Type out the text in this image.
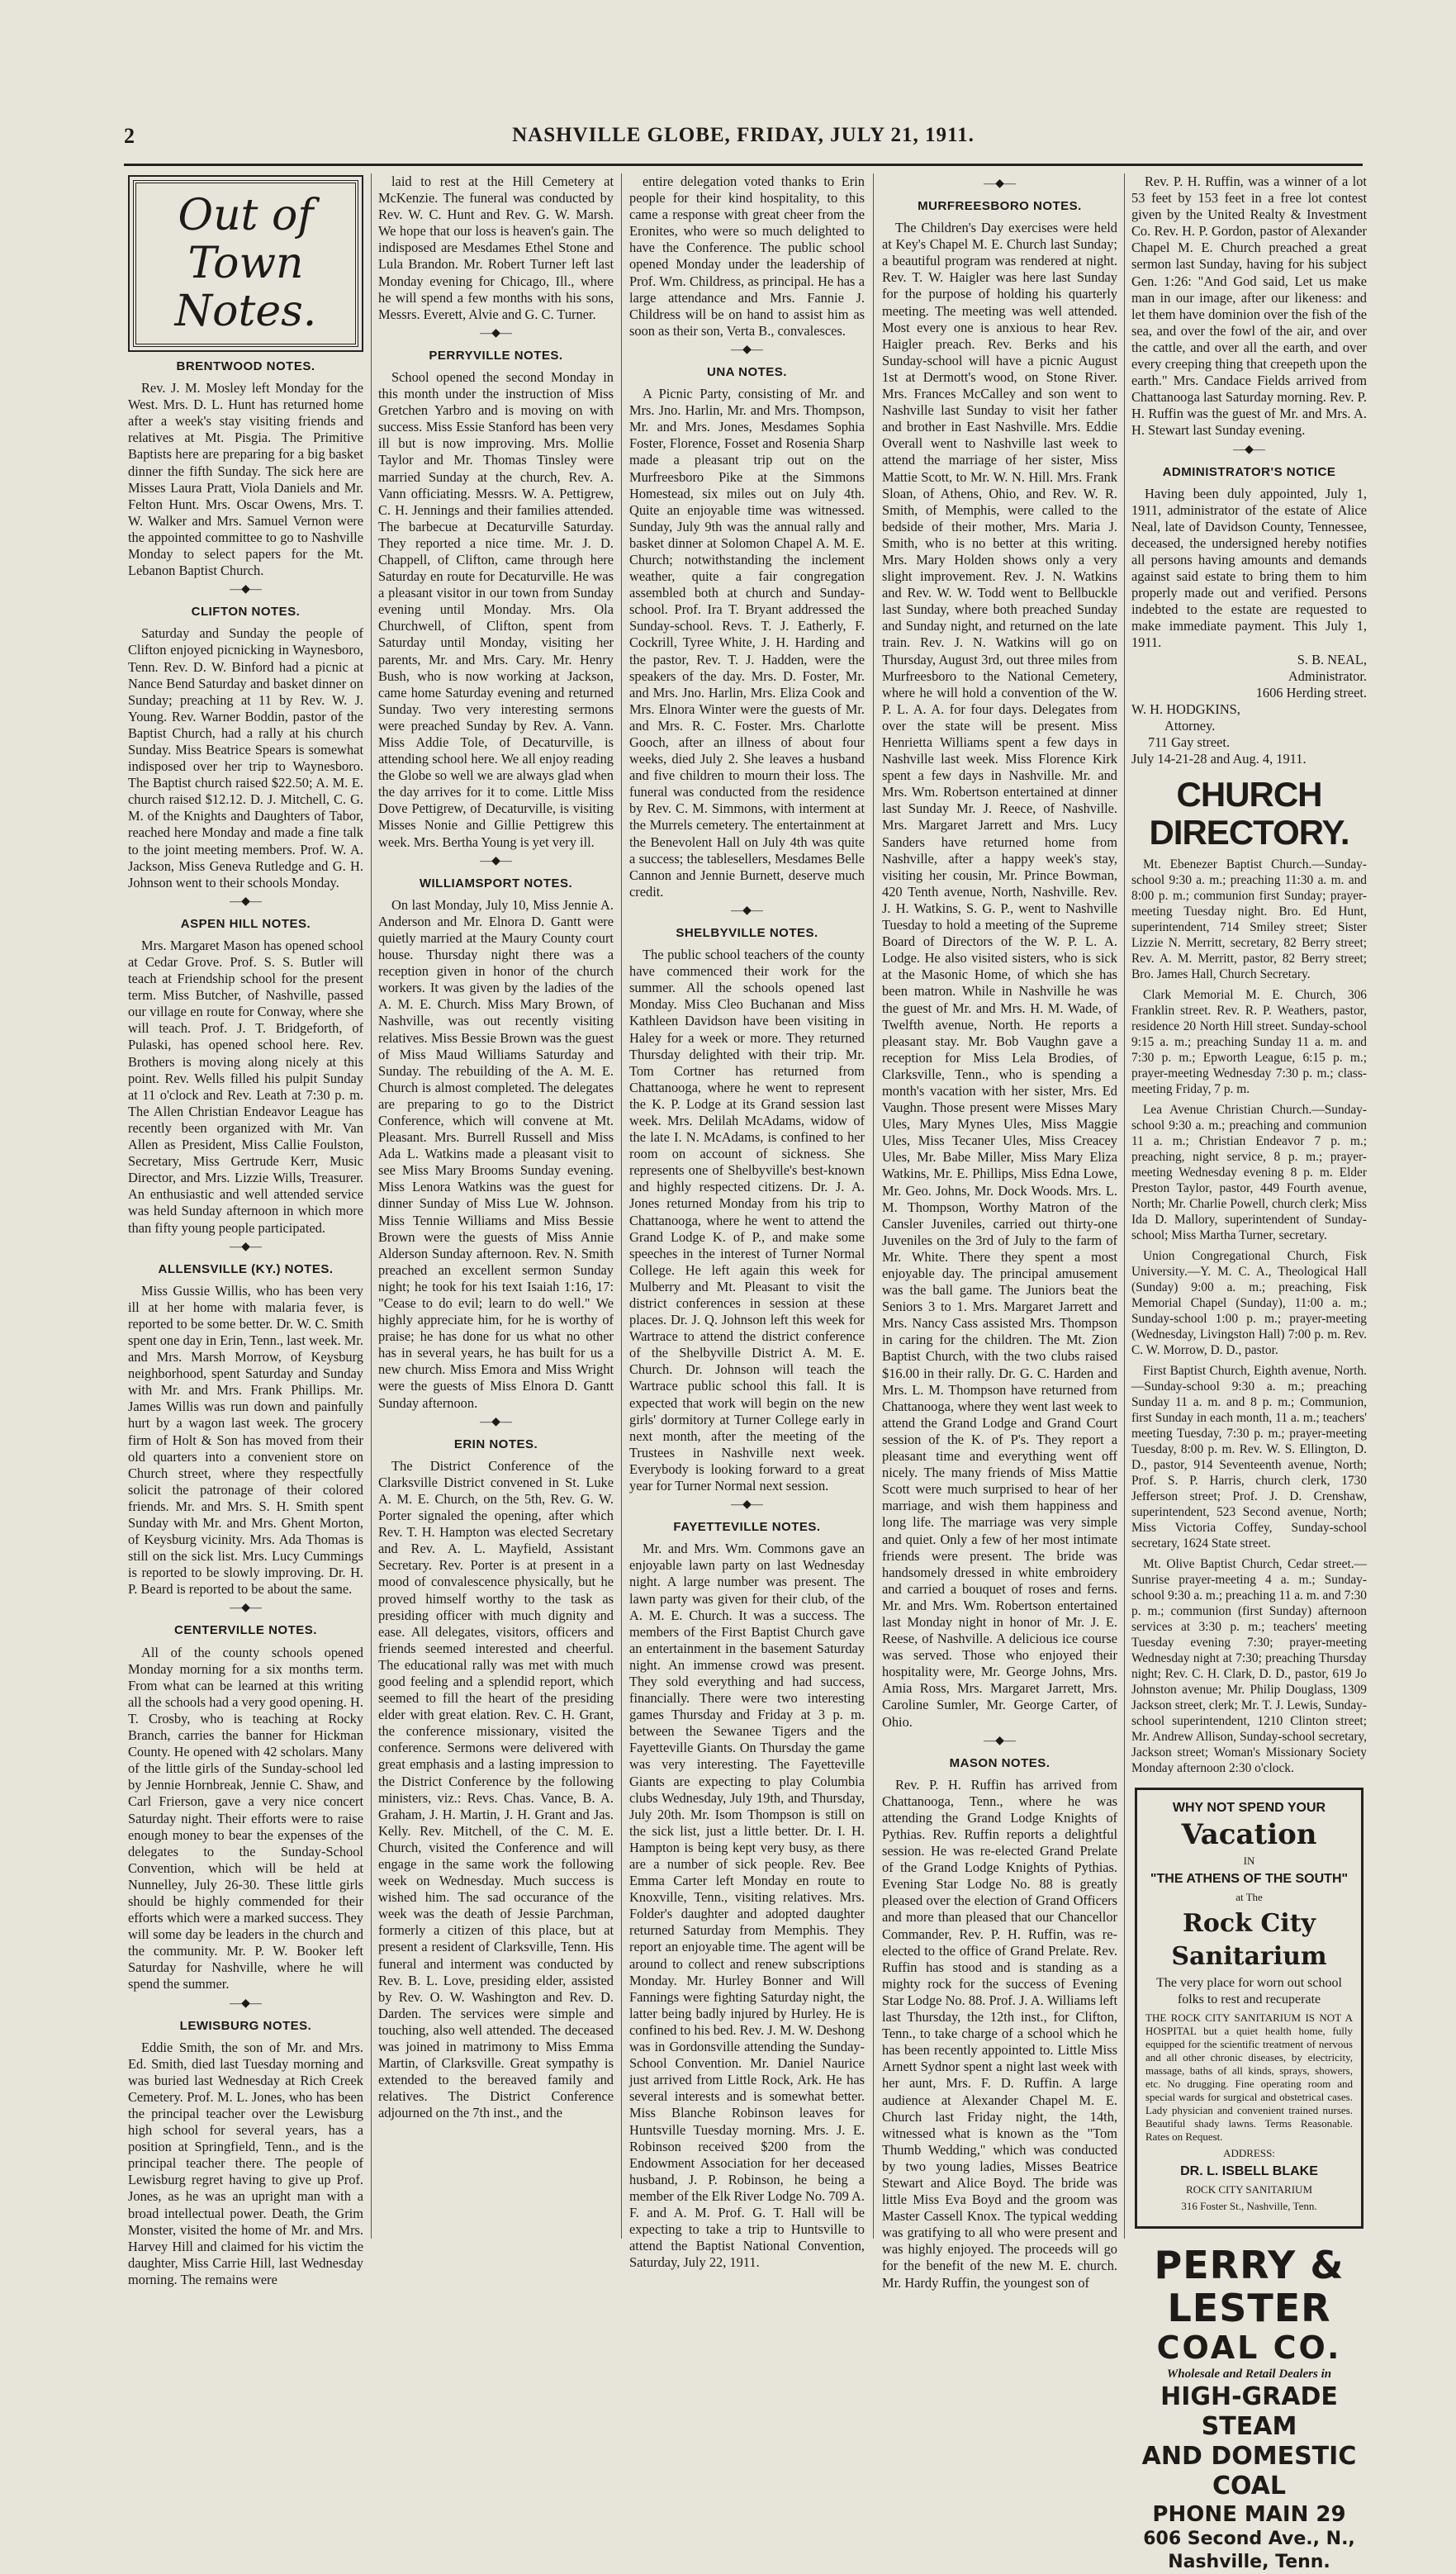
2	NASHVILLE GLOBE, FRIDAY, JULY 21, 1911.
Out of Town Notes.
BRENTWOOD NOTES.

Rev. J. M. Mosley left Monday for the West. Mrs. D. L. Hunt has returned home after a week's stay visiting friends and relatives at Mt. Pisgia. The Primitive Baptists here are preparing for a big basket dinner the fifth Sunday. The sick here are Misses Laura Pratt, Viola Daniels and Mr. Felton Hunt. Mrs. Oscar Owens, Mrs. T. W. Walker and Mrs. Samuel Vernon were the appointed committee to go to Nashville Monday to select papers for the Mt. Lebanon Baptist Church.

—◆—
CLIFTON NOTES.

Saturday and Sunday the people of Clifton enjoyed picnicking in Waynesboro, Tenn. Rev. D. W. Binford had a picnic at Nance Bend Saturday and basket dinner on Sunday; preaching at 11 by Rev. W. J. Young. Rev. Warner Boddin, pastor of the Baptist Church, had a rally at his church Sunday. Miss Beatrice Spears is somewhat indisposed over her trip to Waynesboro. The Baptist church raised $22.50; A. M. E. church raised $12.12. D. J. Mitchell, C. G. M. of the Knights and Daughters of Tabor, reached here Monday and made a fine talk to the joint meeting members. Prof. W. A. Jackson, Miss Geneva Rutledge and G. H. Johnson went to their schools Monday.

—◆—
ASPEN HILL NOTES.

Mrs. Margaret Mason has opened school at Cedar Grove. Prof. S. S. Butler will teach at Friendship school for the present term. Miss Butcher, of Nashville, passed our village en route for Conway, where she will teach. Prof. J. T. Bridgeforth, of Pulaski, has opened school here. Rev. Brothers is moving along nicely at this point. Rev. Wells filled his pulpit Sunday at 11 o'clock and Rev. Leath at 7:30 p. m. The Allen Christian Endeavor League has recently been organized with Mr. Van Allen as President, Miss Callie Foulston, Secretary, Miss Gertrude Kerr, Music Director, and Mrs. Lizzie Wills, Treasurer. An enthusiastic and well attended service was held Sunday afternoon in which more than fifty young people participated.

—◆—
ALLENSVILLE (KY.) NOTES.

Miss Gussie Willis, who has been very ill at her home with malaria fever, is reported to be some better. Dr. W. C. Smith spent one day in Erin, Tenn., last week. Mr. and Mrs. Marsh Morrow, of Keysburg neighborhood, spent Saturday and Sunday with Mr. and Mrs. Frank Phillips. Mr. James Willis was run down and painfully hurt by a wagon last week. The grocery firm of Holt & Son has moved from their old quarters into a convenient store on Church street, where they respectfully solicit the patronage of their colored friends. Mr. and Mrs. S. H. Smith spent Sunday with Mr. and Mrs. Ghent Morton, of Keysburg vicinity. Mrs. Ada Thomas is still on the sick list. Mrs. Lucy Cummings is reported to be slowly improving. Dr. H. P. Beard is reported to be about the same.

—◆—
CENTERVILLE NOTES.

All of the county schools opened Monday morning for a six months term. From what can be learned at this writing all the schools had a very good opening. H. T. Crosby, who is teaching at Rocky Branch, carries the banner for Hickman County. He opened with 42 scholars. Many of the little girls of the Sunday-school led by Jennie Hornbreak, Jennie C. Shaw, and Carl Frierson, gave a very nice concert Saturday night. Their efforts were to raise enough money to bear the expenses of the delegates to the Sunday-School Convention, which will be held at Nunnelley, July 26-30. These little girls should be highly commended for their efforts which were a marked success. They will some day be leaders in the church and the community. Mr. P. W. Booker left Saturday for Nashville, where he will spend the summer.

—◆—
LEWISBURG NOTES.

Eddie Smith, the son of Mr. and Mrs. Ed. Smith, died last Tuesday morning and was buried last Wednesday at Rich Creek Cemetery. Prof. M. L. Jones, who has been the principal teacher over the Lewisburg high school for several years, has a position at Springfield, Tenn., and is the principal teacher there. The people of Lewisburg regret having to give up Prof. Jones, as he was an upright man with a broad intellectual power. Death, the Grim Monster, visited the home of Mr. and Mrs. Harvey Hill and claimed for his victim the daughter, Miss Carrie Hill, last Wednesday morning. The remains were

laid to rest at the Hill Cemetery at McKenzie. The funeral was conducted by Rev. W. C. Hunt and Rev. G. W. Marsh. We hope that our loss is heaven's gain. The indisposed are Mesdames Ethel Stone and Lula Brandon. Mr. Robert Turner left last Monday evening for Chicago, Ill., where he will spend a few months with his sons, Messrs. Everett, Alvie and G. C. Turner.

—◆—
PERRYVILLE NOTES.

School opened the second Monday in this month under the instruction of Miss Gretchen Yarbro and is moving on with success. Miss Essie Stanford has been very ill but is now improving. Mrs. Mollie Taylor and Mr. Thomas Tinsley were married Sunday at the church, Rev. A. Vann officiating. Messrs. W. A. Pettigrew, C. H. Jennings and their families attended. The barbecue at Decaturville Saturday. They reported a nice time. Mr. J. D. Chappell, of Clifton, came through here Saturday en route for Decaturville. He was a pleasant visitor in our town from Sunday evening until Monday. Mrs. Ola Churchwell, of Clifton, spent from Saturday until Monday, visiting her parents, Mr. and Mrs. Cary. Mr. Henry Bush, who is now working at Jackson, came home Saturday evening and returned Sunday. Two very interesting sermons were preached Sunday by Rev. A. Vann. Miss Addie Tole, of Decaturville, is attending school here. We all enjoy reading the Globe so well we are always glad when the day arrives for it to come. Little Miss Dove Pettigrew, of Decaturville, is visiting Misses Nonie and Gillie Pettigrew this week. Mrs. Bertha Young is yet very ill.

—◆—
WILLIAMSPORT NOTES.

On last Monday, July 10, Miss Jennie A. Anderson and Mr. Elnora D. Gantt were quietly married at the Maury County court house. Thursday night there was a reception given in honor of the church workers. It was given by the ladies of the A. M. E. Church. Miss Mary Brown, of Nashville, was out recently visiting relatives. Miss Bessie Brown was the guest of Miss Maud Williams Saturday and Sunday. The rebuilding of the A. M. E. Church is almost completed. The delegates are preparing to go to the District Conference, which will convene at Mt. Pleasant. Mrs. Burrell Russell and Miss Ada L. Watkins made a pleasant visit to see Miss Mary Brooms Sunday evening. Miss Lenora Watkins was the guest for dinner Sunday of Miss Lue W. Johnson. Miss Tennie Williams and Miss Bessie Brown were the guests of Miss Annie Alderson Sunday afternoon. Rev. N. Smith preached an excellent sermon Sunday night; he took for his text Isaiah 1:16, 17: "Cease to do evil; learn to do well." We highly appreciate him, for he is worthy of praise; he has done for us what no other has in several years, he has built for us a new church. Miss Emora and Miss Wright were the guests of Miss Elnora D. Gantt Sunday afternoon.

—◆—
ERIN NOTES.

The District Conference of the Clarksville District convened in St. Luke A. M. E. Church, on the 5th, Rev. G. W. Porter signaled the opening, after which Rev. T. H. Hampton was elected Secretary and Rev. A. L. Mayfield, Assistant Secretary. Rev. Porter is at present in a mood of convalescence physically, but he proved himself worthy to the task as presiding officer with much dignity and ease. All delegates, visitors, officers and friends seemed interested and cheerful. The educational rally was met with much good feeling and a splendid report, which seemed to fill the heart of the presiding elder with great elation. Rev. C. H. Grant, the conference missionary, visited the conference. Sermons were delivered with great emphasis and a lasting impression to the District Conference by the following ministers, viz.: Revs. Chas. Vance, B. A. Graham, J. H. Martin, J. H. Grant and Jas. Kelly. Rev. Mitchell, of the C. M. E. Church, visited the Conference and will engage in the same work the following week on Wednesday. Much success is wished him. The sad occurance of the week was the death of Jessie Parchman, formerly a citizen of this place, but at present a resident of Clarksville, Tenn. His funeral and interment was conducted by Rev. B. L. Love, presiding elder, assisted by Rev. O. W. Washington and Rev. D. Darden. The services were simple and touching, also well attended. The deceased was joined in matrimony to Miss Emma Martin, of Clarksville. Great sympathy is extended to the bereaved family and relatives. The District Conference adjourned on the 7th inst., and the

entire delegation voted thanks to Erin people for their kind hospitality, to this came a response with great cheer from the Eronites, who were so much delighted to have the Conference. The public school opened Monday under the leadership of Prof. Wm. Childress, as principal. He has a large attendance and Mrs. Fannie J. Childress will be on hand to assist him as soon as their son, Verta B., convalesces.

—◆—
UNA NOTES.

A Picnic Party, consisting of Mr. and Mrs. Jno. Harlin, Mr. and Mrs. Thompson, Mr. and Mrs. Jones, Mesdames Sophia Foster, Florence, Fosset and Rosenia Sharp made a pleasant trip out on the Murfreesboro Pike at the Simmons Homestead, six miles out on July 4th. Quite an enjoyable time was witnessed. Sunday, July 9th was the annual rally and basket dinner at Solomon Chapel A. M. E. Church; notwithstanding the inclement weather, quite a fair congregation assembled both at church and Sunday-school. Prof. Ira T. Bryant addressed the Sunday-school. Revs. T. J. Eatherly, F. Cockrill, Tyree White, J. H. Harding and the pastor, Rev. T. J. Hadden, were the speakers of the day. Mrs. D. Foster, Mr. and Mrs. Jno. Harlin, Mrs. Eliza Cook and Mrs. Elnora Winter were the guests of Mr. and Mrs. R. C. Foster. Mrs. Charlotte Gooch, after an illness of about four weeks, died July 2. She leaves a husband and five children to mourn their loss. The funeral was conducted from the residence by Rev. C. M. Simmons, with interment at the Murrels cemetery. The entertainment at the Benevolent Hall on July 4th was quite a success; the tablesellers, Mesdames Belle Cannon and Jennie Burnett, deserve much credit.

—◆—
SHELBYVILLE NOTES.

The public school teachers of the county have commenced their work for the summer. All the schools opened last Monday. Miss Cleo Buchanan and Miss Kathleen Davidson have been visiting in Haley for a week or more. They returned Thursday delighted with their trip. Mr. Tom Cortner has returned from Chattanooga, where he went to represent the K. P. Lodge at its Grand session last week. Mrs. Delilah McAdams, widow of the late I. N. McAdams, is confined to her room on account of sickness. She represents one of Shelbyville's best-known and highly respected citizens. Dr. J. A. Jones returned Monday from his trip to Chattanooga, where he went to attend the Grand Lodge K. of P., and make some speeches in the interest of Turner Normal College. He left again this week for Mulberry and Mt. Pleasant to visit the district conferences in session at these places. Dr. J. Q. Johnson left this week for Wartrace to attend the district conference of the Shelbyville District A. M. E. Church. Dr. Johnson will teach the Wartrace public school this fall. It is expected that work will begin on the new girls' dormitory at Turner College early in next month, after the meeting of the Trustees in Nashville next week. Everybody is looking forward to a great year for Turner Normal next session.

—◆—
FAYETTEVILLE NOTES.

Mr. and Mrs. Wm. Commons gave an enjoyable lawn party on last Wednesday night. A large number was present. The lawn party was given for their club, of the A. M. E. Church. It was a success. The members of the First Baptist Church gave an entertainment in the basement Saturday night. An immense crowd was present. They sold everything and had success, financially. There were two interesting games Thursday and Friday at 3 p. m. between the Sewanee Tigers and the Fayetteville Giants. On Thursday the game was very interesting. The Fayetteville Giants are expecting to play Columbia clubs Wednesday, July 19th, and Thursday, July 20th. Mr. Isom Thompson is still on the sick list, just a little better. Dr. I. H. Hampton is being kept very busy, as there are a number of sick people. Rev. Bee Emma Carter left Monday en route to Knoxville, Tenn., visiting relatives. Mrs. Folder's daughter and adopted daughter returned Saturday from Memphis. They report an enjoyable time. The agent will be around to collect and renew subscriptions Monday. Mr. Hurley Bonner and Will Fannings were fighting Saturday night, the latter being badly injured by Hurley. He is confined to his bed. Rev. J. M. W. Deshong was in Gordonsville attending the Sunday-School Convention. Mr. Daniel Naurice just arrived from Little Rock, Ark. He has several interests and is somewhat better. Miss Blanche Robinson leaves for Huntsville Tuesday morning. Mrs. J. E. Robinson received $200 from the Endowment Association for her deceased husband, J. P. Robinson, he being a member of the Elk River Lodge No. 709 A. F. and A. M. Prof. G. T. Hall will be expecting to take a trip to Huntsville to attend the Baptist National Convention, Saturday, July 22, 1911.

—◆—
MURFREESBORO NOTES.

The Children's Day exercises were held at Key's Chapel M. E. Church last Sunday; a beautiful program was rendered at night. Rev. T. W. Haigler was here last Sunday for the purpose of holding his quarterly meeting. The meeting was well attended. Most every one is anxious to hear Rev. Haigler preach. Rev. Berks and his Sunday-school will have a picnic August 1st at Dermott's wood, on Stone River. Mrs. Frances McCalley and son went to Nashville last Sunday to visit her father and brother in East Nashville. Mrs. Eddie Overall went to Nashville last week to attend the marriage of her sister, Miss Mattie Scott, to Mr. W. N. Hill. Mrs. Frank Sloan, of Athens, Ohio, and Rev. W. R. Smith, of Memphis, were called to the bedside of their mother, Mrs. Maria J. Smith, who is no better at this writing. Mrs. Mary Holden shows only a very slight improvement. Rev. J. N. Watkins and Rev. W. W. Todd went to Bellbuckle last Sunday, where both preached Sunday and Sunday night, and returned on the late train. Rev. J. N. Watkins will go on Thursday, August 3rd, out three miles from Murfreesboro to the National Cemetery, where he will hold a convention of the W. P. L. A. A. for four days. Delegates from over the state will be present. Miss Henrietta Williams spent a few days in Nashville last week. Miss Florence Kirk spent a few days in Nashville. Mr. and Mrs. Wm. Robertson entertained at dinner last Sunday Mr. J. Reece, of Nashville. Mrs. Margaret Jarrett and Mrs. Lucy Sanders have returned home from Nashville, after a happy week's stay, visiting her cousin, Mr. Prince Bowman, 420 Tenth avenue, North, Nashville. Rev. J. H. Watkins, S. G. P., went to Nashville Tuesday to hold a meeting of the Supreme Board of Directors of the W. P. L. A. Lodge. He also visited sisters, who is sick at the Masonic Home, of which she has been matron. While in Nashville he was the guest of Mr. and Mrs. H. M. Wade, of Twelfth avenue, North. He reports a pleasant stay. Mr. Bob Vaughn gave a reception for Miss Lela Brodies, of Clarksville, Tenn., who is spending a month's vacation with her sister, Mrs. Ed Vaughn. Those present were Misses Mary Ules, Mary Mynes Ules, Miss Maggie Ules, Miss Tecaner Ules, Miss Creacey Ules, Mr. Babe Miller, Miss Mary Eliza Watkins, Mr. E. Phillips, Miss Edna Lowe, Mr. Geo. Johns, Mr. Dock Woods. Mrs. L. M. Thompson, Worthy Matron of the Cansler Juveniles, carried out thirty-one Juveniles on the 3rd of July to the farm of Mr. White. There they spent a most enjoyable day. The principal amusement was the ball game. The Juniors beat the Seniors 3 to 1. Mrs. Margaret Jarrett and Mrs. Nancy Cass assisted Mrs. Thompson in caring for the children. The Mt. Zion Baptist Church, with the two clubs raised $16.00 in their rally. Dr. G. C. Harden and Mrs. L. M. Thompson have returned from Chattanooga, where they went last week to attend the Grand Lodge and Grand Court session of the K. of P's. They report a pleasant time and everything went off nicely. The many friends of Miss Mattie Scott were much surprised to hear of her marriage, and wish them happiness and long life. The marriage was very simple and quiet. Only a few of her most intimate friends were present. The bride was handsomely dressed in white embroidery and carried a bouquet of roses and ferns. Mr. and Mrs. Wm. Robertson entertained last Monday night in honor of Mr. J. E. Reese, of Nashville. A delicious ice course was served. Those who enjoyed their hospitality were, Mr. George Johns, Mrs. Amia Ross, Mrs. Margaret Jarrett, Mrs. Caroline Sumler, Mr. George Carter, of Ohio.

—◆—
MASON NOTES.

Rev. P. H. Ruffin has arrived from Chattanooga, Tenn., where he was attending the Grand Lodge Knights of Pythias. Rev. Ruffin reports a delightful session. He was re-elected Grand Prelate of the Grand Lodge Knights of Pythias. Evening Star Lodge No. 88 is greatly pleased over the election of Grand Officers and more than pleased that our Chancellor Commander, Rev. P. H. Ruffin, was re-elected to the office of Grand Prelate. Rev. Ruffin has stood and is standing as a mighty rock for the success of Evening Star Lodge No. 88. Prof. J. A. Williams left last Thursday, the 12th inst., for Clifton, Tenn., to take charge of a school which he has been recently appointed to. Little Miss Arnett Sydnor spent a night last week with her aunt, Mrs. F. D. Ruffin. A large audience at Alexander Chapel M. E. Church last Friday night, the 14th, witnessed what is known as the "Tom Thumb Wedding," which was conducted by two young ladies, Misses Beatrice Stewart and Alice Boyd. The bride was little Miss Eva Boyd and the groom was Master Cassell Knox. The typical wedding was gratifying to all who were present and was highly enjoyed. The proceeds will go for the benefit of the new M. E. church. Mr. Hardy Ruffin, the youngest son of

Rev. P. H. Ruffin, was a winner of a lot 53 feet by 153 feet in a free lot contest given by the United Realty & Investment Co. Rev. H. P. Gordon, pastor of Alexander Chapel M. E. Church preached a great sermon last Sunday, having for his subject Gen. 1:26: "And God said, Let us make man in our image, after our likeness: and let them have dominion over the fish of the sea, and over the fowl of the air, and over the cattle, and over all the earth, and over every creeping thing that creepeth upon the earth." Mrs. Candace Fields arrived from Chattanooga last Saturday morning. Rev. P. H. Ruffin was the guest of Mr. and Mrs. A. H. Stewart last Sunday evening.

—◆—
ADMINISTRATOR'S NOTICE

Having been duly appointed, July 1, 1911, administrator of the estate of Alice Neal, late of Davidson County, Tennessee, deceased, the undersigned hereby notifies all persons having amounts and demands against said estate to bring them to him properly made out and verified. Persons indebted to the estate are requested to make immediate payment. This July 1, 1911.

S. B. NEAL,

Administrator.

1606 Herding street.

W. H. HODGKINS,

Attorney.

711 Gay street.

July 14-21-28 and Aug. 4, 1911.

CHURCH DIRECTORY.

Mt. Ebenezer Baptist Church.—Sunday-school 9:30 a. m.; preaching 11:30 a. m. and 8:00 p. m.; communion first Sunday; prayer-meeting Tuesday night. Bro. Ed Hunt, superintendent, 714 Smiley street; Sister Lizzie N. Merritt, secretary, 82 Berry street; Rev. A. M. Merritt, pastor, 82 Berry street; Bro. James Hall, Church Secretary.

Clark Memorial M. E. Church, 306 Franklin street. Rev. R. P. Weathers, pastor, residence 20 North Hill street. Sunday-school 9:15 a. m.; preaching Sunday 11 a. m. and 7:30 p. m.; Epworth League, 6:15 p. m.; prayer-meeting Wednesday 7:30 p. m.; class-meeting Friday, 7 p. m.

Lea Avenue Christian Church.—Sunday-school 9:30 a. m.; preaching and communion 11 a. m.; Christian Endeavor 7 p. m.; preaching, night service, 8 p. m.; prayer-meeting Wednesday evening 8 p. m. Elder Preston Taylor, pastor, 449 Fourth avenue, North; Mr. Charlie Powell, church clerk; Miss Ida D. Mallory, superintendent of Sunday-school; Miss Martha Turner, secretary.

Union Congregational Church, Fisk University.—Y. M. C. A., Theological Hall (Sunday) 9:00 a. m.; preaching, Fisk Memorial Chapel (Sunday), 11:00 a. m.; Sunday-school 1:00 p. m.; prayer-meeting (Wednesday, Livingston Hall) 7:00 p. m. Rev. C. W. Morrow, D. D., pastor.

First Baptist Church, Eighth avenue, North.—Sunday-school 9:30 a. m.; preaching Sunday 11 a. m. and 8 p. m.; Communion, first Sunday in each month, 11 a. m.; teachers' meeting Tuesday, 7:30 p. m.; prayer-meeting Tuesday, 8:00 p. m. Rev. W. S. Ellington, D. D., pastor, 914 Seventeenth avenue, North; Prof. S. P. Harris, church clerk, 1730 Jefferson street; Prof. J. D. Crenshaw, superintendent, 523 Second avenue, North; Miss Victoria Coffey, Sunday-school secretary, 1624 State street.

Mt. Olive Baptist Church, Cedar street.—Sunrise prayer-meeting 4 a. m.; Sunday-school 9:30 a. m.; preaching 11 a. m. and 7:30 p. m.; communion (first Sunday) afternoon services at 3:30 p. m.; teachers' meeting Tuesday evening 7:30; prayer-meeting Wednesday night at 7:30; preaching Thursday night; Rev. C. H. Clark, D. D., pastor, 619 Jo Johnston avenue; Mr. Philip Douglass, 1309 Jackson street, clerk; Mr. T. J. Lewis, Sunday-school superintendent, 1210 Clinton street; Mr. Andrew Allison, Sunday-school secretary, Jackson street; Woman's Missionary Society Monday afternoon 2:30 o'clock.

WHY NOT SPEND YOUR

Vacation

IN

"THE ATHENS OF THE SOUTH"

at The

Rock City Sanitarium

The very place for worn out school folks to rest and recuperate

THE ROCK CITY SANITARIUM IS NOT A HOSPITAL but a quiet health home, fully equipped for the scientific treatment of nervous and all other chronic diseases, by electricity, massage, baths of all kinds, sprays, showers, etc. No drugging. Fine operating room and special wards for surgical and obstetrical cases. Lady physician and convenient trained nurses. Beautiful shady lawns. Terms Reasonable. Rates on Request.

ADDRESS:

DR. L. ISBELL BLAKE

ROCK CITY SANITARIUM

316 Foster St., Nashville, Tenn.

PERRY & LESTER
COAL CO.
Wholesale and Retail Dealers in
HIGH-GRADE STEAM
AND DOMESTIC
COAL
PHONE MAIN 29
606 Second Ave., N., Nashville, Tenn.
